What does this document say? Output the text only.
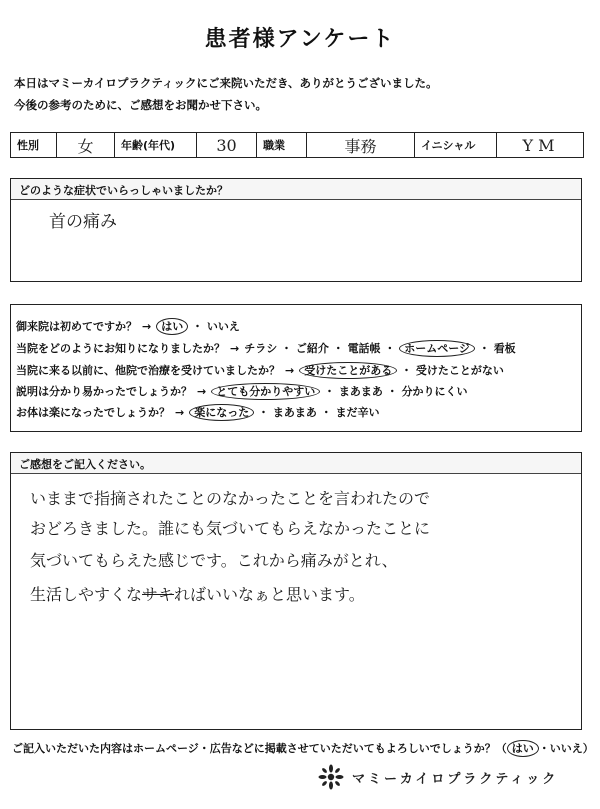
患者様アンケート
本日はマミーカイロプラクティックにご来院いただき、ありがとうございました。
今後の参考のために、ご感想をお聞かせ下さい。
性別	女	年齢(年代)	30	職業	事務	イニシャル	Y M
どのような症状でいらっしゃいましたか？
首の痛み
御来院は初めてですか？ → はい ・ いいえ
当院をどのようにお知りになりましたか？ → チラシ ・ ご紹介 ・ 電話帳 ・ ホームページ ・ 看板
当院に来る以前に、他院で治療を受けていましたか？ → 受けたことがある ・ 受けたことがない
説明は分かり易かったでしょうか？ → とても分かりやすい ・ まあまあ ・ 分かりにくい
お体は楽になったでしょうか？ → 楽になった ・ まあまあ ・ まだ辛い
ご感想をご記入ください。
いままで指摘されたことのなかったことを言われたので
おどろきました。誰にも気づいてもらえなかったことに
気づいてもらえた感じです。これから痛みがとれ、
生活しやすくなサキればいいなぁと思います。
ご記入いただいた内容はホームページ・広告などに掲載させていただいてもよろしいでしょうか？（ はい ・いいえ）
マミーカイロプラクティック
